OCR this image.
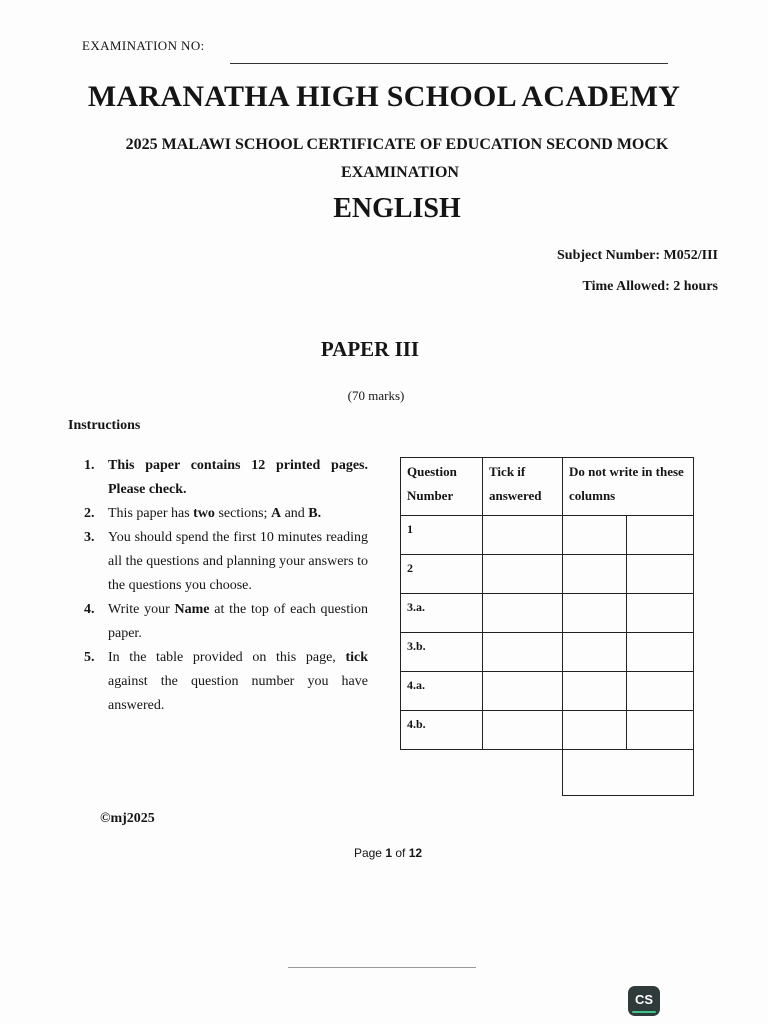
EXAMINATION NO:
MARANATHA HIGH SCHOOL ACADEMY
2025 MALAWI SCHOOL CERTIFICATE OF EDUCATION SECOND MOCK
EXAMINATION
ENGLISH
Subject Number: M052/III
Time Allowed: 2 hours
PAPER III
(70 marks)
Instructions
1. This paper contains 12 printed pages. Please check.
2. This paper has two sections; A and B.
3. You should spend the first 10 minutes reading all the questions and planning your answers to the questions you choose.
4. Write your Name at the top of each question paper.
5. In the table provided on this page, tick against the question number you have answered.
Question Number	Tick if answered	Do not write in these columns	
1			
2			
3.a.			
3.b.			
4.a.			
4.b.			

©mj2025
Page 1 of 12
CS
